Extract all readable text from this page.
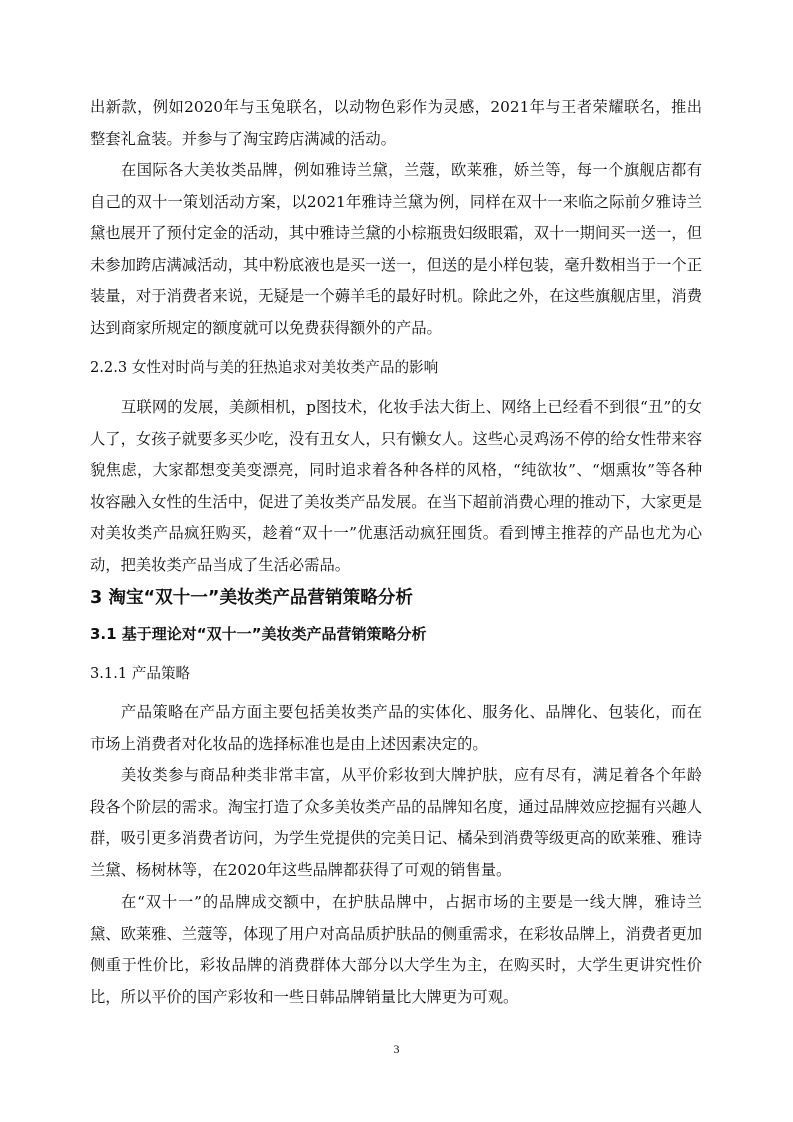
出新款，例如2020年与玉兔联名，以动物色彩作为灵感，2021年与王者荣耀联名，推出整套礼盒装。并参与了淘宝跨店满减的活动。

在国际各大美妆类品牌，例如雅诗兰黛，兰蔻，欧莱雅，娇兰等，每一个旗舰店都有自己的双十一策划活动方案，以2021年雅诗兰黛为例，同样在双十一来临之际前夕雅诗兰黛也展开了预付定金的活动，其中雅诗兰黛的小棕瓶贵妇级眼霜，双十一期间买一送一，但未参加跨店满减活动，其中粉底液也是买一送一，但送的是小样包装，毫升数相当于一个正装量，对于消费者来说，无疑是一个薅羊毛的最好时机。除此之外，在这些旗舰店里，消费达到商家所规定的额度就可以免费获得额外的产品。

2.2.3 女性对时尚与美的狂热追求对美妆类产品的影响

互联网的发展，美颜相机，p图技术，化妆手法大街上、网络上已经看不到很“丑”的女人了，女孩子就要多买少吃，没有丑女人，只有懒女人。这些心灵鸡汤不停的给女性带来容貌焦虑，大家都想变美变漂亮，同时追求着各种各样的风格，“纯欲妆”、“烟熏妆”等各种妆容融入女性的生活中，促进了美妆类产品发展。在当下超前消费心理的推动下，大家更是对美妆类产品疯狂购买，趁着“双十一”优惠活动疯狂囤货。看到博主推荐的产品也尤为心动，把美妆类产品当成了生活必需品。

3 淘宝“双十一”美妆类产品营销策略分析

3.1 基于理论对“双十一”美妆类产品营销策略分析

3.1.1 产品策略

产品策略在产品方面主要包括美妆类产品的实体化、服务化、品牌化、包装化，而在市场上消费者对化妆品的选择标准也是由上述因素决定的。

美妆类参与商品种类非常丰富，从平价彩妆到大牌护肤，应有尽有，满足着各个年龄段各个阶层的需求。淘宝打造了众多美妆类产品的品牌知名度，通过品牌效应挖掘有兴趣人群，吸引更多消费者访问，为学生党提供的完美日记、橘朵到消费等级更高的欧莱雅、雅诗兰黛、杨树林等，在2020年这些品牌都获得了可观的销售量。

在“双十一”的品牌成交额中，在护肤品牌中，占据市场的主要是一线大牌，雅诗兰黛、欧莱雅、兰蔻等，体现了用户对高品质护肤品的侧重需求，在彩妆品牌上，消费者更加侧重于性价比，彩妆品牌的消费群体大部分以大学生为主，在购买时，大学生更讲究性价比，所以平价的国产彩妆和一些日韩品牌销量比大牌更为可观。

3
